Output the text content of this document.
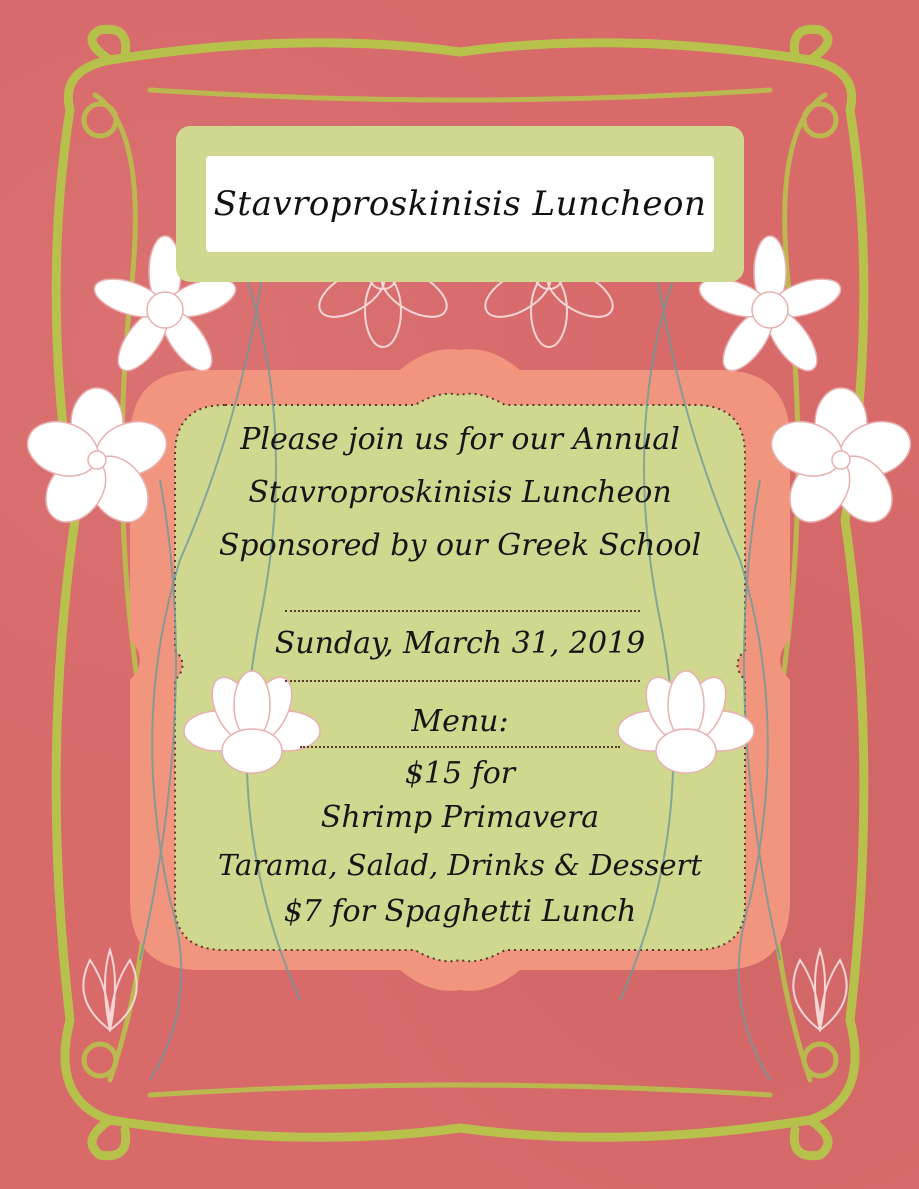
Stavroproskinisis Luncheon
Please join us for our Annual
Stavroproskinisis Luncheon
Sponsored by our Greek School
Sunday, March 31, 2019
Menu:
$15 for
Shrimp Primavera
Tarama, Salad, Drinks & Dessert
$7 for Spaghetti Lunch
